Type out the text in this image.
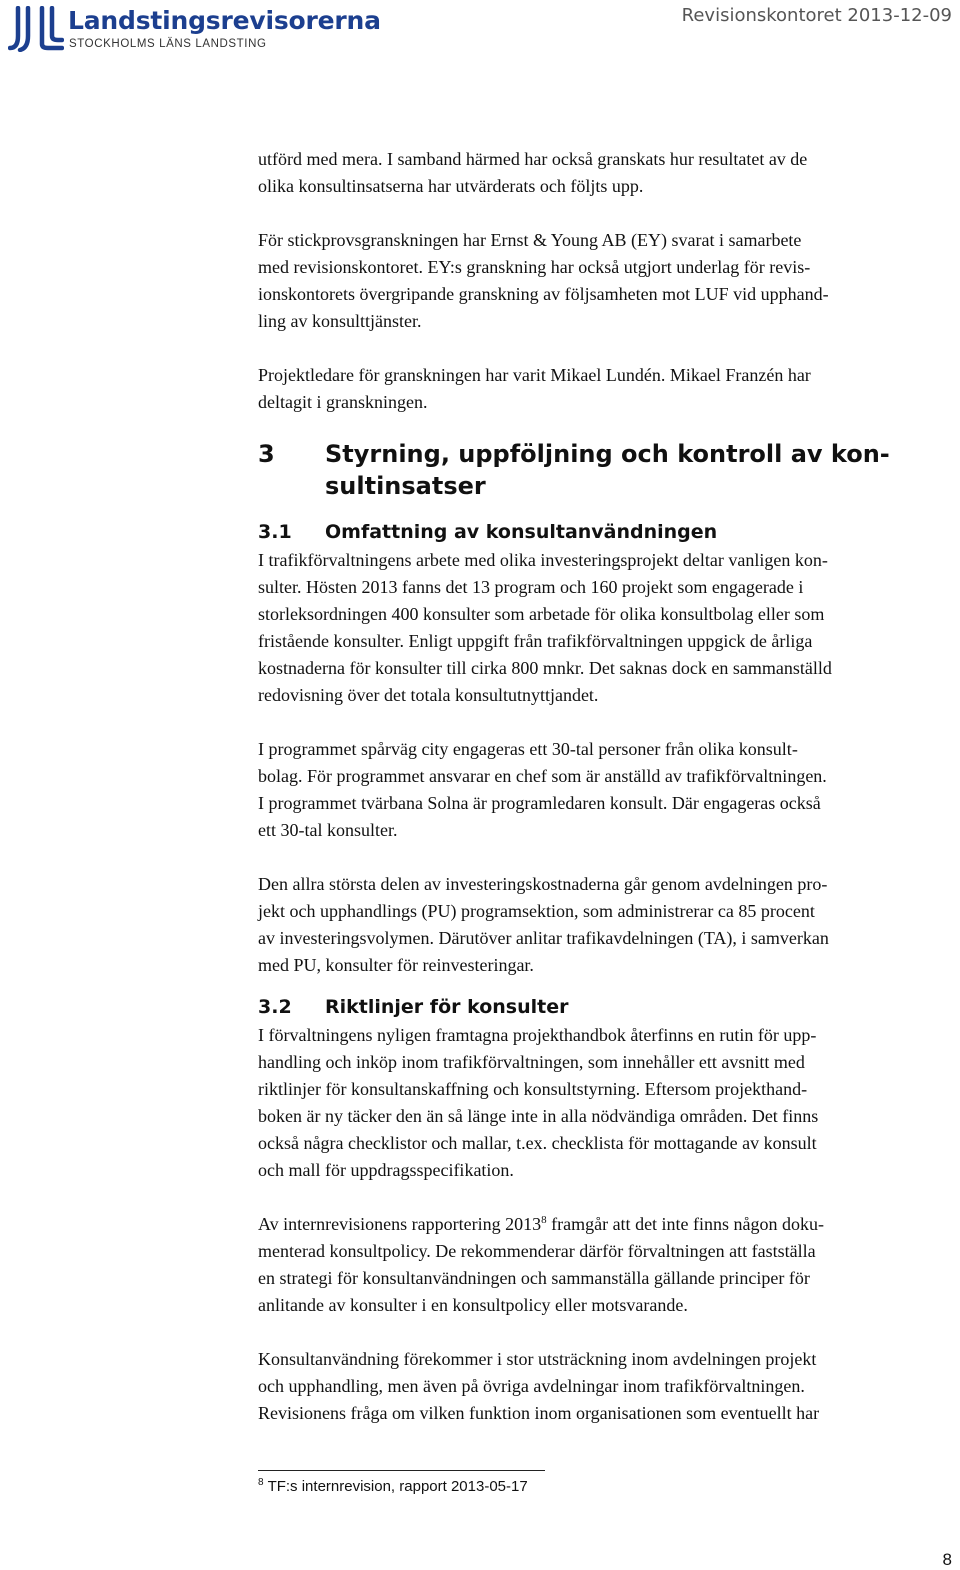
Landstingsrevisorerna
STOCKHOLMS LÄNS LANDSTING
Revisionskontoret 2013-12-09

utförd med mera. I samband härmed har också granskats hur resultatet av de
olika konsultinsatserna har utvärderats och följts upp.

För stickprovsgranskningen har Ernst & Young AB (EY) svarat i samarbete
med revisionskontoret. EY:s granskning har också utgjort underlag för revis-
ionskontorets övergripande granskning av följsamheten mot LUF vid upphand-
ling av konsulttjänster.

Projektledare för granskningen har varit Mikael Lundén. Mikael Franzén har
deltagit i granskningen.

3	Styrning, uppföljning och kontroll av kon-
sultinsatser
3.1	Omfattning av konsultanvändningen

I trafikförvaltningens arbete med olika investeringsprojekt deltar vanligen kon-
sulter. Hösten 2013 fanns det 13 program och 160 projekt som engagerade i
storleksordningen 400 konsulter som arbetade för olika konsultbolag eller som
fristående konsulter. Enligt uppgift från trafikförvaltningen uppgick de årliga
kostnaderna för konsulter till cirka 800 mnkr. Det saknas dock en sammanställd
redovisning över det totala konsultutnyttjandet.

I programmet spårväg city engageras ett 30-tal personer från olika konsult-
bolag. För programmet ansvarar en chef som är anställd av trafikförvaltningen.
I programmet tvärbana Solna är programledaren konsult. Där engageras också
ett 30-tal konsulter.

Den allra största delen av investeringskostnaderna går genom avdelningen pro-
jekt och upphandlings (PU) programsektion, som administrerar ca 85 procent
av investeringsvolymen. Därutöver anlitar trafikavdelningen (TA), i samverkan
med PU, konsulter för reinvesteringar.

3.2	Riktlinjer för konsulter

I förvaltningens nyligen framtagna projekthandbok återfinns en rutin för upp-
handling och inköp inom trafikförvaltningen, som innehåller ett avsnitt med
riktlinjer för konsultanskaffning och konsultstyrning. Eftersom projekthand-
boken är ny täcker den än så länge inte in alla nödvändiga områden. Det finns
också några checklistor och mallar, t.ex. checklista för mottagande av konsult
och mall för uppdragsspecifikation.

Av internrevisionens rapportering 2013$^8$ framgår att det inte finns någon doku-
menterad konsultpolicy. De rekommenderar därför förvaltningen att fastställa
en strategi för konsultanvändningen och sammanställa gällande principer för
anlitande av konsulter i en konsultpolicy eller motsvarande.

Konsultanvändning förekommer i stor utsträckning inom avdelningen projekt
och upphandling, men även på övriga avdelningar inom trafikförvaltningen.
Revisionens fråga om vilken funktion inom organisationen som eventuellt har

$^8$ TF:s internrevision, rapport 2013-05-17
8
